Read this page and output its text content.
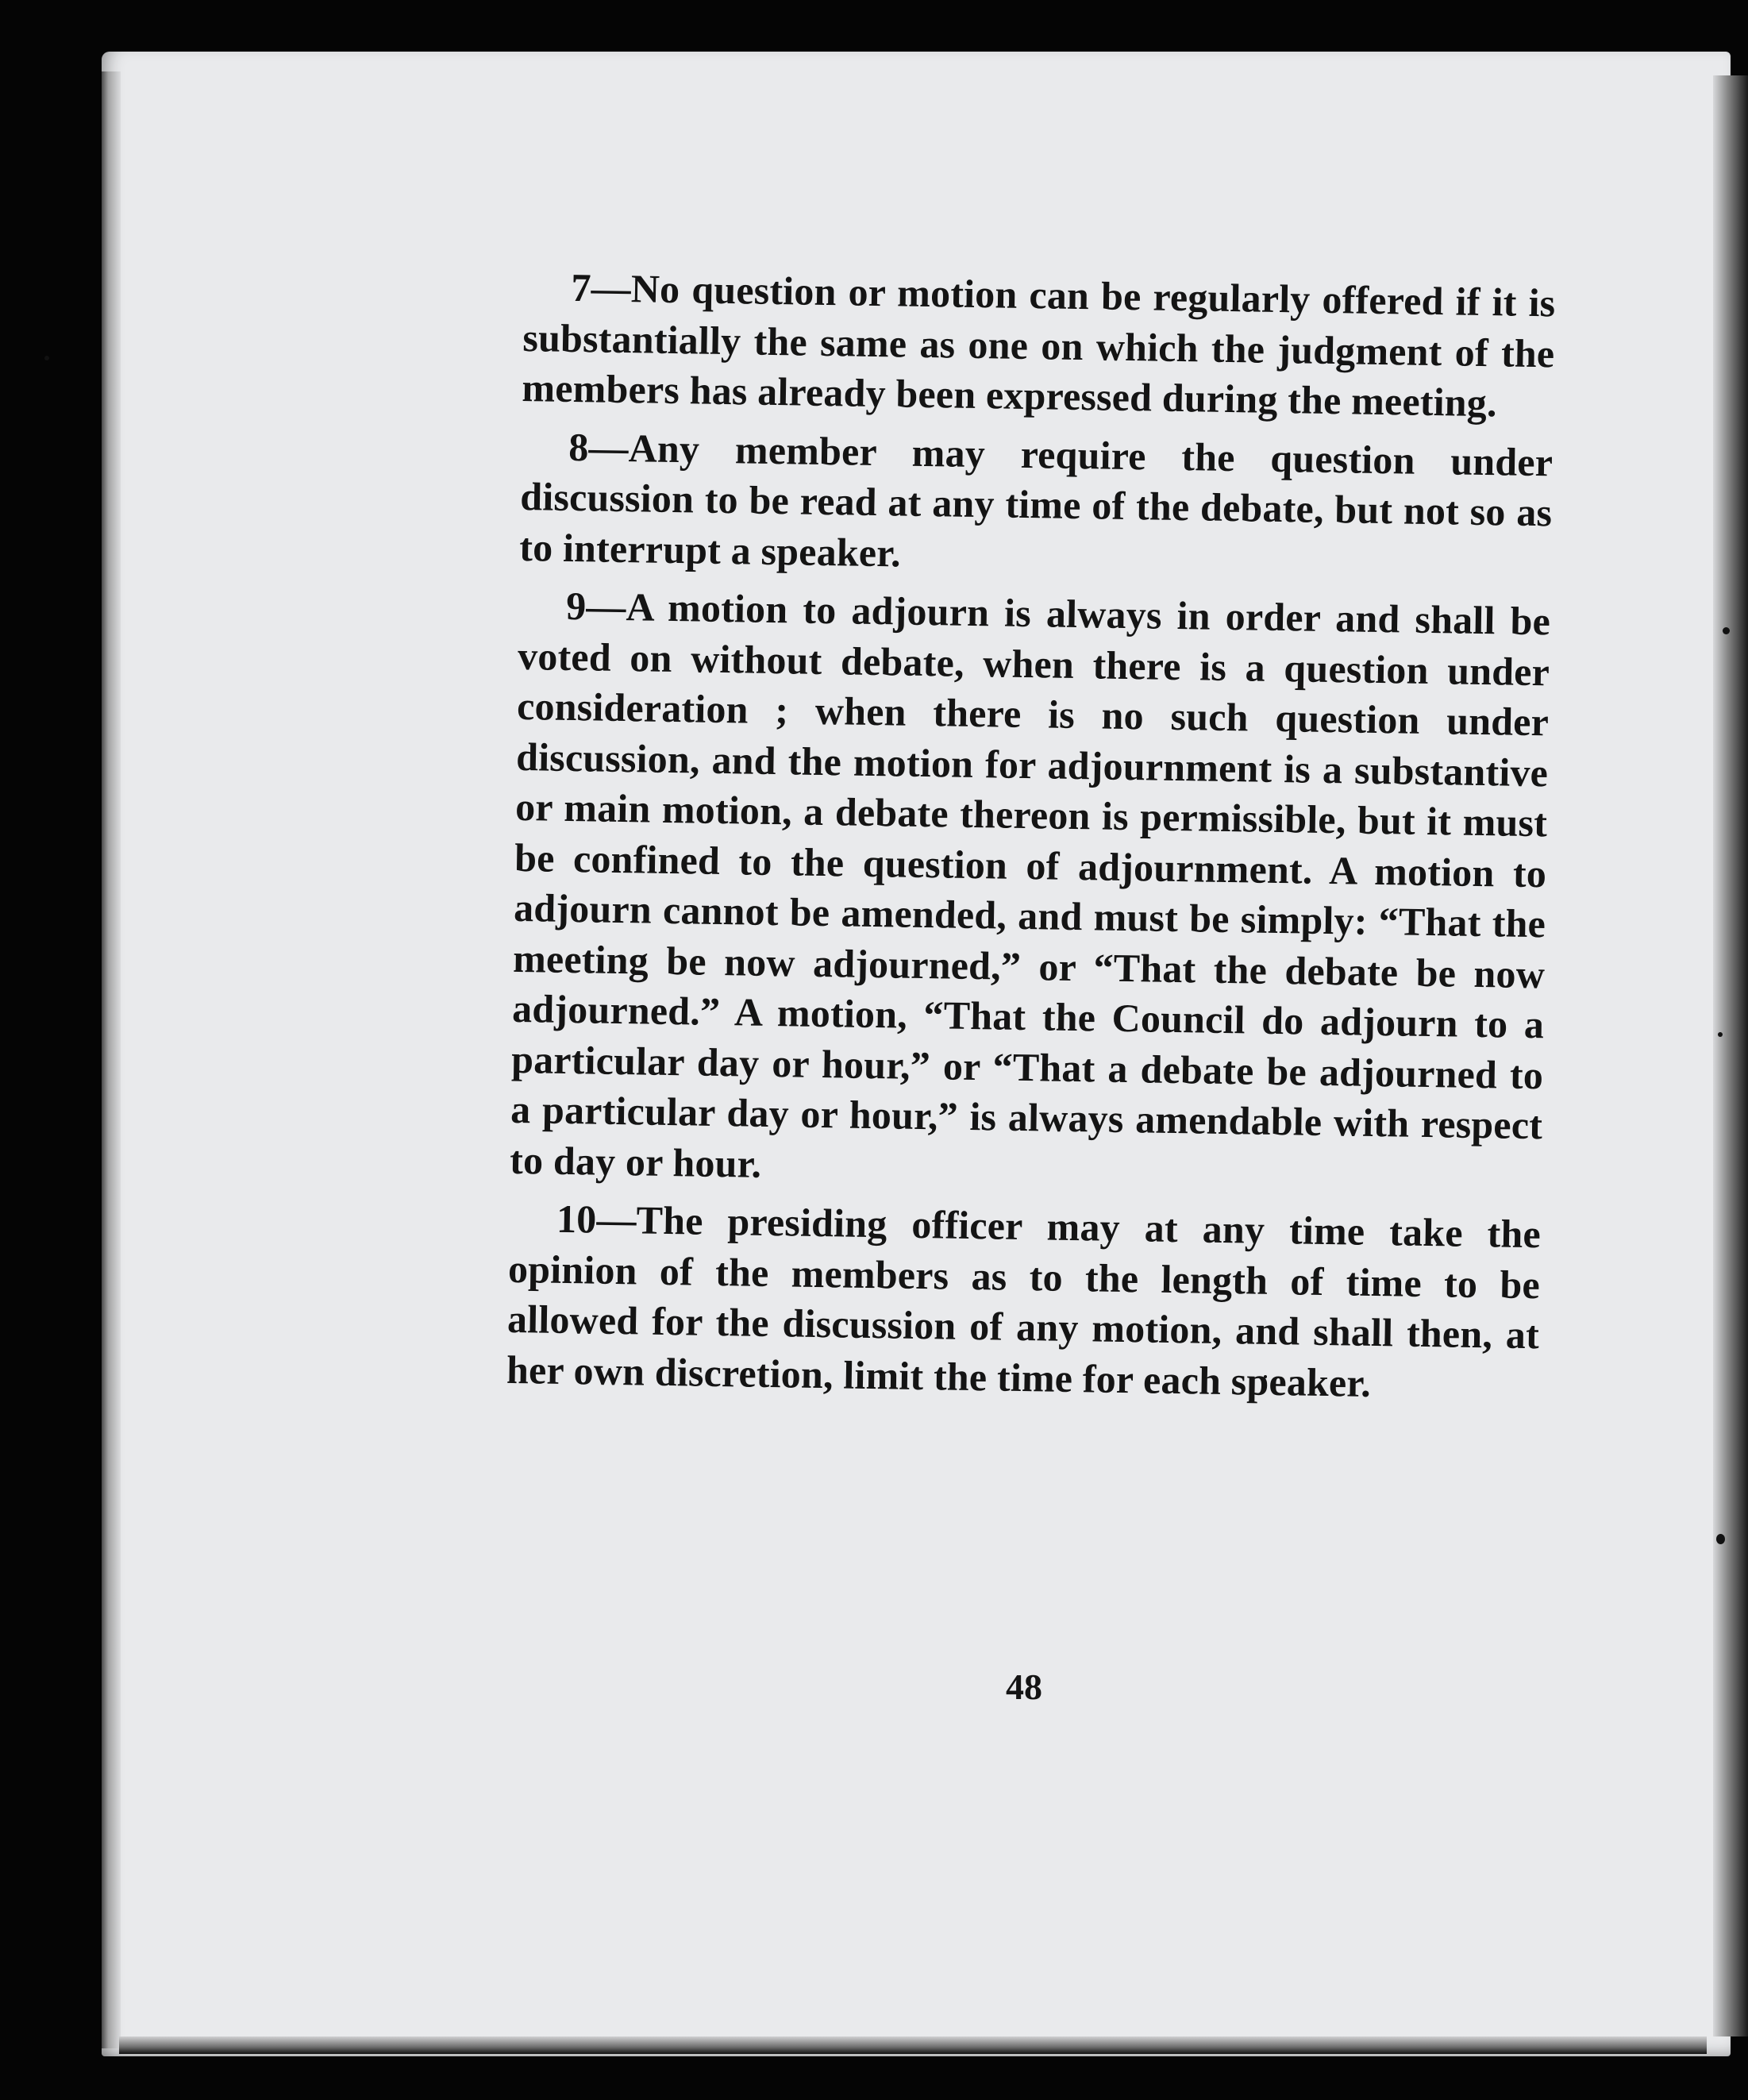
7—No question or motion can be regularly offered if it is substantially the same as one on which the judgment of the members has already been expressed during the meeting.

8—Any member may require the question under discussion to be read at any time of the debate, but not so as to interrupt a speaker.

9—A motion to adjourn is always in order and shall be voted on without debate, when there is a question under consideration ; when there is no such question under discussion, and the motion for adjournment is a substantive or main motion, a debate thereon is permissible, but it must be confined to the question of adjournment. A motion to adjourn cannot be amended, and must be simply: “That the meeting be now adjourned,” or “That the debate be now adjourned.” A motion, “That the Council do adjourn to a particular day or hour,” or “That a debate be adjourned to a particular day or hour,” is always amendable with respect to day or hour.

10—The presiding officer may at any time take the opinion of the members as to the length of time to be allowed for the discussion of any motion, and shall then, at her own discretion, limit the time for each speaker.

48
